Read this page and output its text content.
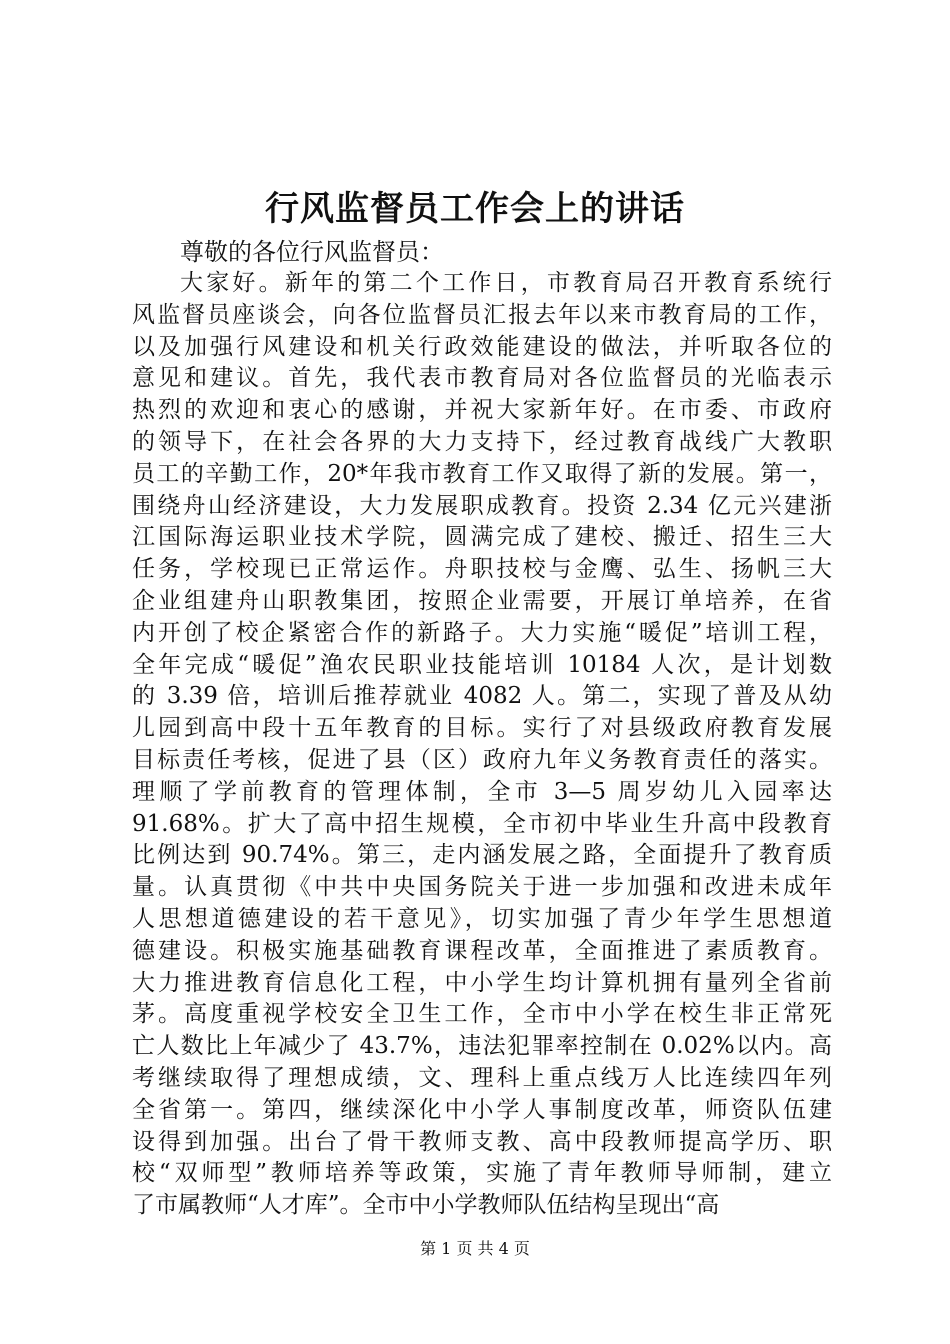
行风监督员工作会上的讲话

尊敬的各位行风监督员：

大家好。新年的第二个工作日，市教育局召开教育系统行
风监督员座谈会，向各位监督员汇报去年以来市教育局的工作，
以及加强行风建设和机关行政效能建设的做法，并听取各位的
意见和建议。首先，我代表市教育局对各位监督员的光临表示
热烈的欢迎和衷心的感谢，并祝大家新年好。在市委、市政府
的领导下，在社会各界的大力支持下，经过教育战线广大教职
员工的辛勤工作，20*年我市教育工作又取得了新的发展。第一，
围绕舟山经济建设，大力发展职成教育。投资 2.34 亿元兴建浙
江国际海运职业技术学院，圆满完成了建校、搬迁、招生三大
任务，学校现已正常运作。舟职技校与金鹰、弘生、扬帆三大
企业组建舟山职教集团，按照企业需要，开展订单培养，在省
内开创了校企紧密合作的新路子。大力实施“暖促”培训工程，
全年完成“暖促”渔农民职业技能培训 10184 人次，是计划数
的 3.39 倍，培训后推荐就业 4082 人。第二，实现了普及从幼
儿园到高中段十五年教育的目标。实行了对县级政府教育发展
目标责任考核，促进了县（区）政府九年义务教育责任的落实。
理顺了学前教育的管理体制，全市 3—5 周岁幼儿入园率达
91.68%。扩大了高中招生规模，全市初中毕业生升高中段教育
比例达到 90.74%。第三，走内涵发展之路，全面提升了教育质
量。认真贯彻《中共中央国务院关于进一步加强和改进未成年
人思想道德建设的若干意见》，切实加强了青少年学生思想道
德建设。积极实施基础教育课程改革，全面推进了素质教育。
大力推进教育信息化工程，中小学生均计算机拥有量列全省前
茅。高度重视学校安全卫生工作，全市中小学在校生非正常死
亡人数比上年减少了 43.7%，违法犯罪率控制在 0.02%以内。高
考继续取得了理想成绩，文、理科上重点线万人比连续四年列
全省第一。第四，继续深化中小学人事制度改革，师资队伍建
设得到加强。出台了骨干教师支教、高中段教师提高学历、职
校“双师型”教师培养等政策，实施了青年教师导师制，建立
了市属教师“人才库”。全市中小学教师队伍结构呈现出“高

第 1 页 共 4 页
